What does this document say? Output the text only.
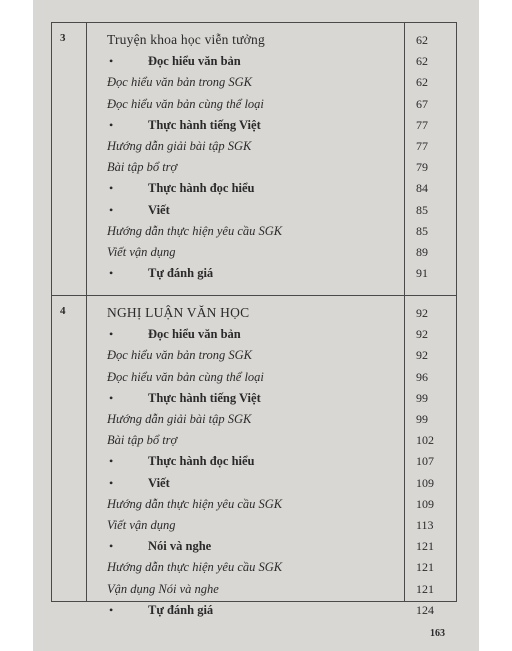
3	Truyện khoa học viễn tưởng	62
•	Đọc hiểu văn bản	62
Đọc hiểu văn bản trong SGK	62
Đọc hiểu văn bản cùng thể loại	67
•	Thực hành tiếng Việt	77
Hướng dẫn giải bài tập SGK	77
Bài tập bổ trợ	79
•	Thực hành đọc hiểu	84
•	Viết	85
Hướng dẫn thực hiện yêu cầu SGK	85
Viết vận dụng	89
•	Tự đánh giá	91
4	NGHỊ LUẬN VĂN HỌC	92
•	Đọc hiểu văn bản	92
Đọc hiểu văn bản trong SGK	92
Đọc hiểu văn bản cùng thể loại	96
•	Thực hành tiếng Việt	99
Hướng dẫn giải bài tập SGK	99
Bài tập bổ trợ	102
•	Thực hành đọc hiểu	107
•	Viết	109
Hướng dẫn thực hiện yêu cầu SGK	109
Viết vận dụng	113
•	Nói và nghe	121
Hướng dẫn thực hiện yêu cầu SGK	121
Vận dụng Nói và nghe	121
•	Tự đánh giá	124
163
